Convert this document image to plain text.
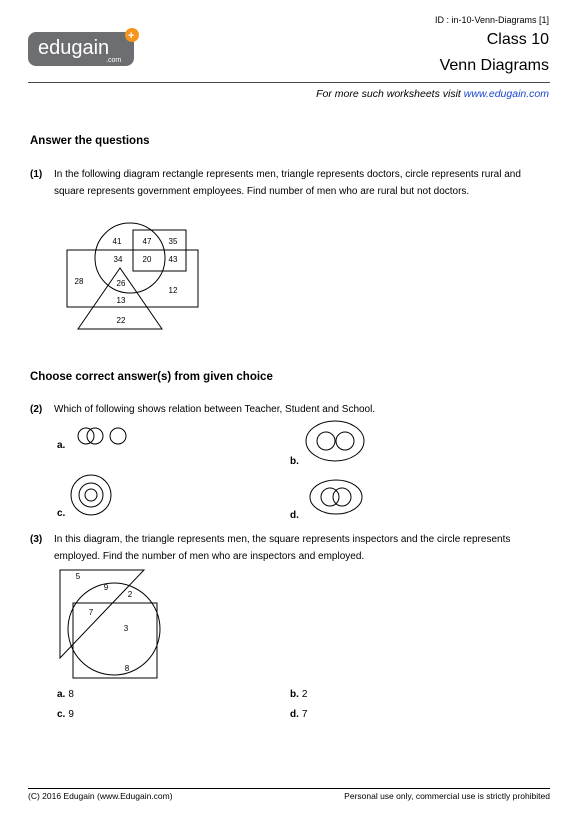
edugain
.com
+
ID : in-10-Venn-Diagrams [1]
Class 10
Venn Diagrams
For more such worksheets visit www.edugain.com
Answer the questions
(1) In the following diagram rectangle represents men, triangle represents doctors, circle represents rural and square represents government employees. Find number of men who are rural but not doctors.
41	47 35
34	20 43
28	26
12
13
22
Choose correct answer(s) from given choice
(2) Which of following shows relation between Teacher, Student and School.
a.
b.
c.	d.
(3) In this diagram, the triangle represents men, the square represents inspectors and the circle represents employed. Find the number of men who are inspectors and employed.
5
9
2
7
3
8
a. 8	b. 2
c. 9	d. 7
(C) 2016 Edugain (www.Edugain.com)	Personal use only, commercial use is strictly prohibited
